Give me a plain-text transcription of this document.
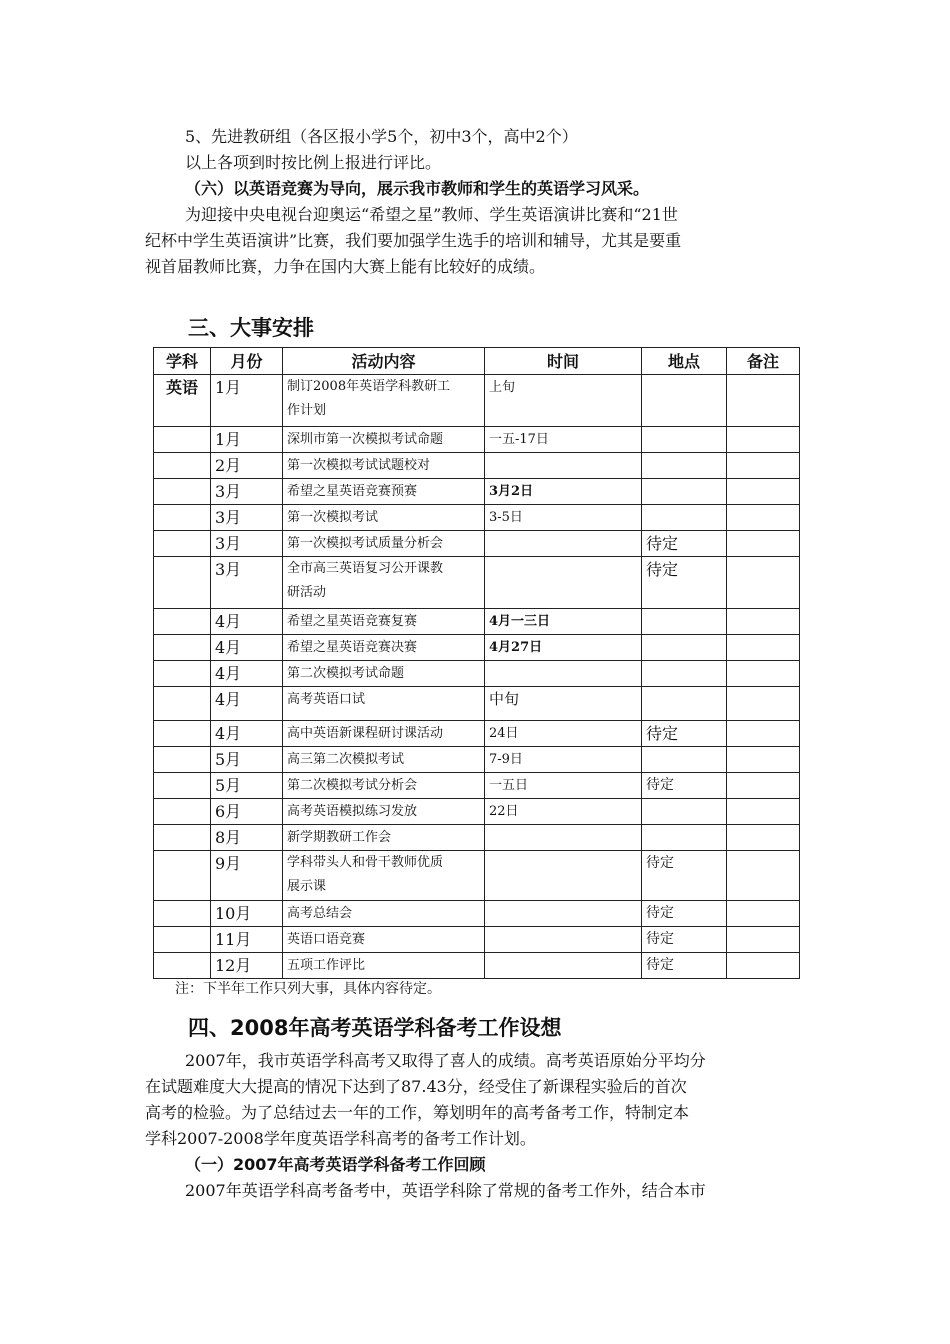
5、先进教研组（各区报小学5个，初中3个，高中2个）

以上各项到时按比例上报进行评比。

（六）以英语竞赛为导向，展示我市教师和学生的英语学习风采。

为迎接中央电视台迎奥运“希望之星”教师、学生英语演讲比赛和“21世

纪杯中学生英语演讲”比赛，我们要加强学生选手的培训和辅导，尤其是要重

视首届教师比赛，力争在国内大赛上能有比较好的成绩。

三、大事安排
学科	月份	活动内容	时间	地点	备注
英语	1月	制订2008年英语学科教研工
作计划	上旬		
	1月	深圳市第一次模拟考试命题	一五-17日		
	2月	第一次模拟考试试题校对			
	3月	希望之星英语竞赛预赛	3月2日		
	3月	第一次模拟考试	3-5日		
	3月	第一次模拟考试质量分析会		待定	
	3月	全市高三英语复习公开课教
研活动		待定	
	4月	希望之星英语竞赛复赛	4月一三日		
	4月	希望之星英语竞赛决赛	4月27日		
	4月	第二次模拟考试命题			
	4月	高考英语口试	中旬		
	4月	高中英语新课程研讨课活动	24日	待定	
	5月	高三第二次模拟考试	7-9日		
	5月	第二次模拟考试分析会	一五日	待定	
	6月	高考英语模拟练习发放	22日		
	8月	新学期教研工作会			
	9月	学科带头人和骨干教师优质
展示课		待定	
	10月	高考总结会		待定	
	11月	英语口语竞赛		待定	
	12月	五项工作评比		待定	

注：下半年工作只列大事，具体内容待定。

四、2008年高考英语学科备考工作设想

2007年，我市英语学科高考又取得了喜人的成绩。高考英语原始分平均分

在试题难度大大提高的情况下达到了87.43分，经受住了新课程实验后的首次

高考的检验。为了总结过去一年的工作，筹划明年的高考备考工作，特制定本

学科2007-2008学年度英语学科高考的备考工作计划。

（一）2007年高考英语学科备考工作回顾

2007年英语学科高考备考中，英语学科除了常规的备考工作外，结合本市
